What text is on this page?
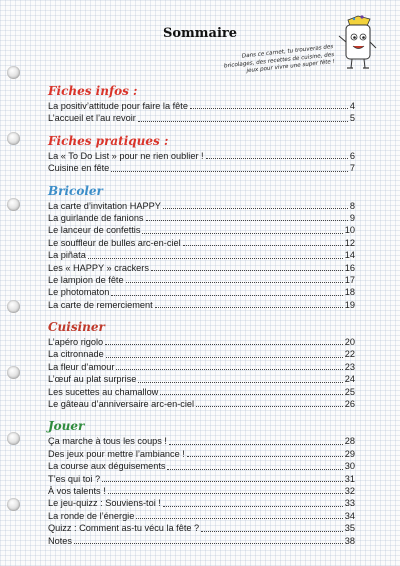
Sommaire
Dans ce carnet, tu trouveras des bricolages, des recettes de cuisine, des jeux pour vivre une super fête !
Fiches infos :
La positiv’attitude pour faire la fête	4
L’accueil et l’au revoir	5
Fiches pratiques :
La « To Do List » pour ne rien oublier !	6
Cuisine en fête	7
Bricoler
La carte d’invitation HAPPY	8
La guirlande de fanions	9
Le lanceur de confettis	10
Le souffleur de bulles arc-en-ciel	12
La piñata	14
Les « HAPPY » crackers	16
Le lampion de fête	17
Le photomaton	18
La carte de remerciement	19
Cuisiner
L’apéro rigolo	20
La citronnade	22
La fleur d’amour	23
L’œuf au plat surprise	24
Les sucettes au chamallow	25
Le gâteau d’anniversaire arc-en-ciel	26
Jouer
Ça marche à tous les coups !	28
Des jeux pour mettre l’ambiance !	29
La course aux déguisements	30
T’es qui toi ?	31
À vos talents !	32
Le jeu-quizz : Souviens-toi !	33
La ronde de l’énergie	34
Quizz : Comment as-tu vécu la fête ?	35
Notes	38
